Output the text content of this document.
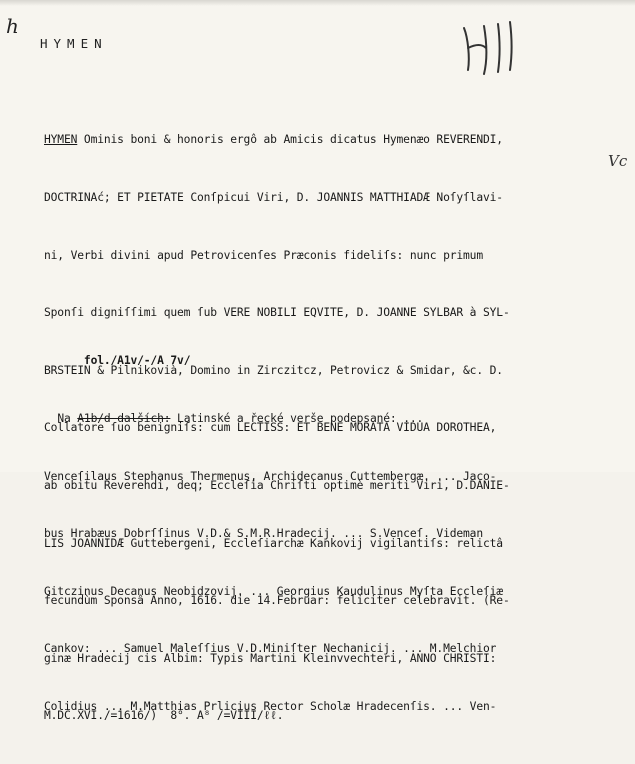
h
HYMEN
Vc

HYMEN Ominis boni & honoris ergô ab Amicis dicatus Hymenæo REVERENDI,

DOCTRINAć; ET PIETATE Conſpicui Viri, D. JOANNIS MATTHIADÆ Noſyſlavi-

ni, Verbi divini apud Petrovicenſes Præconis fideliſs: nunc primum

Sponſi digniſſimi quem ſub VERE NOBILI EQVITE, D. JOANNE SYLBAR à SYL-

BRSTEIN & Pilnikovià, Domino in Zirczitcz, Petrovicz & Smidar, &c. D.

Collatore ſuo benigniſs: cum LECTISS: ET BENE MORATA VIDUA DOROTHEA,

ab obitu Reverendi, deq; Eccleſia Chriſti optimè meriti Viri, D.DANIE-

LIS JOANNIDÆ Guttebergeni, Eccleſiarchæ Kankovij vigilantiſs: relictâ

fecundùm Sponsâ Anno, 1616. die 14.Februar: feliciter celebravit. (Re-

ginæ Hradecij cis Albim: Typis Martini Kleinvvechteri, ANNO CHRISTI:

M.DC.XVI./=1616/)  8°. A⁸ /=VIII/ℓℓ.

fol./A1v/-/A 7v/

Na A1b/d dalších: Latinské a řecké verše podepsané: ...

Venceſilaus Stephanus Thermenus, Archidecanus Cuttembergæ. ... Jaco-

bus Hrabæus Dobrſſinus V.D.& S.M.R.Hradecij. ... S.Venceſ. Videman

Gitczinus Decanus Neobidzovij. ... Georgius Kaudulinus Myſta Eccleſiæ

Cankov: ... Samuel Maleſſius V.D.Miniſter Nechanicij. ... M.Melchior

Colidius ... M.Matthias Prlicius Rector Scholæ Hradecenſis. ... Ven-
